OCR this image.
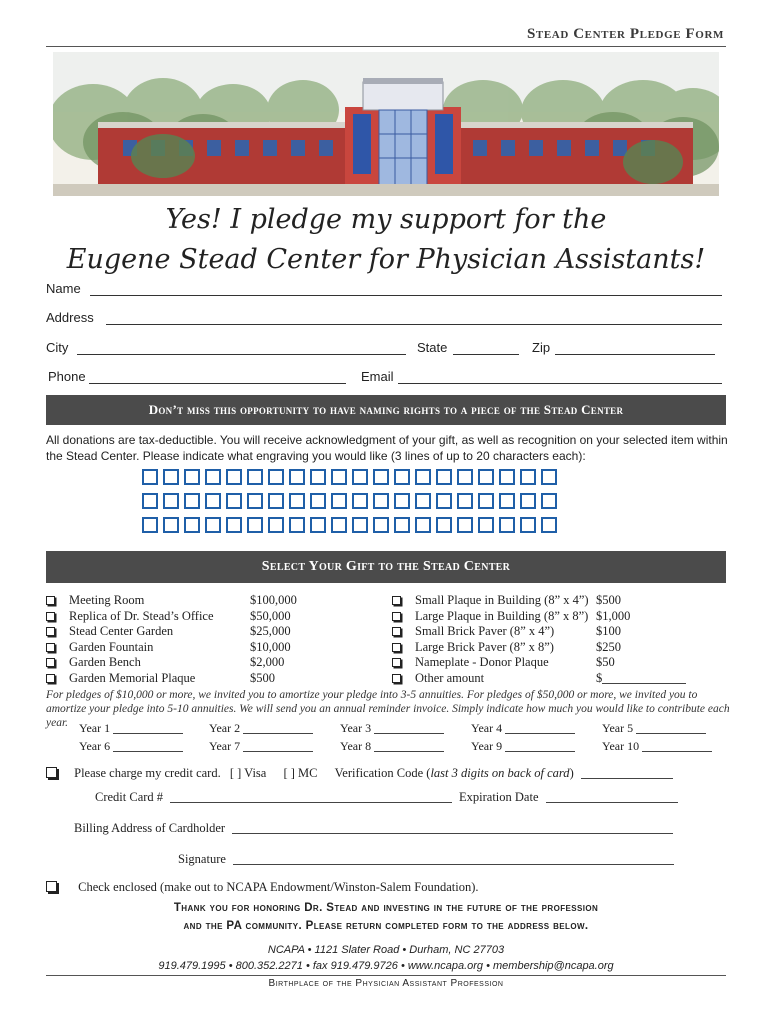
Stead Center Pledge Form
Yes! I pledge my support for the
Eugene Stead Center for Physician Assistants!
Name
Address
City	State	Zip
Phone	Email
Don’t miss this opportunity to have naming rights to a piece of the Stead Center
All donations are tax-deductible. You will receive acknowledgment of your gift, as well as recognition on your selected item within the Stead Center. Please indicate what engraving you would like (3 lines of up to 20 characters each):
Select Your Gift to the Stead Center
Meeting Room	$100,000
Replica of Dr. Stead’s Office	$50,000
Stead Center Garden	$25,000
Garden Fountain	$10,000
Garden Bench	$2,000
Garden Memorial Plaque	$500
Small Plaque in Building (8” x 4”) $500
Large Plaque in Building (8” x 8”) $1,000
Small Brick Paver (8” x 4”)	$100
Large Brick Paver (8” x 8”)	$250
Nameplate - Donor Plaque	$50
Other amount	$
For pledges of $10,000 or more, we invited you to amortize your pledge into 3-5 annuities. For pledges of $50,000 or more, we invited you to amortize your pledge into 5-10 annuities. We will send you an annual reminder invoice. Simply indicate how much you would like to contribute each year. Year 1	Year 2	Year 3	Year 4	Year 5
Year 6	Year 7	Year 8	Year 9	Year 10
Please charge my credit card. [ ] Visa [ ] MC Verification Code (last 3 digits on back of card)
Credit Card #	Expiration Date
Billing Address of Cardholder
Signature
Check enclosed (make out to NCAPA Endowment/Winston-Salem Foundation).
Thank you for honoring Dr. Stead and investing in the future of the profession
and the PA community. Please return completed form to the address below.
NCAPA • 1121 Slater Road • Durham, NC 27703
919.479.1995 • 800.352.2271 • fax 919.479.9726 • www.ncapa.org • membership@ncapa.org
Birthplace of the Physician Assistant Profession
